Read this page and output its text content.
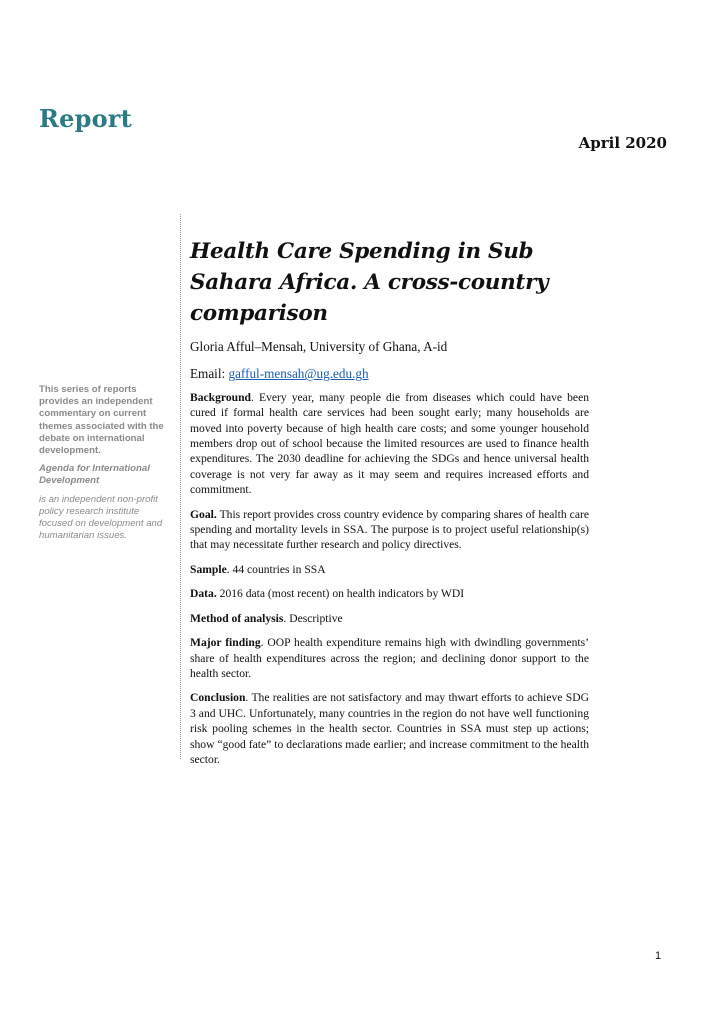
Report
April 2020

This series of reports provides an independent commentary on current themes associated with the debate on international development.

Agenda for International Development

is an independent non-profit policy research institute focused on development and humanitarian issues.

Health Care Spending in Sub Sahara Africa. A cross-country comparison

Gloria Afful–Mensah, University of Ghana, A-id

Email: gafful-mensah@ug.edu.gh

Background. Every year, many people die from diseases which could have been cured if formal health care services had been sought early; many households are moved into poverty because of high health care costs; and some younger household members drop out of school because the limited resources are used to finance health expenditures. The 2030 deadline for achieving the SDGs and hence universal health coverage is not very far away as it may seem and requires increased efforts and commitment.

Goal. This report provides cross country evidence by comparing shares of health care spending and mortality levels in SSA. The purpose is to project useful relationship(s) that may necessitate further research and policy directives.

Sample. 44 countries in SSA

Data. 2016 data (most recent) on health indicators by WDI

Method of analysis. Descriptive

Major finding. OOP health expenditure remains high with dwindling governments’ share of health expenditures across the region; and declining donor support to the health sector.

Conclusion. The realities are not satisfactory and may thwart efforts to achieve SDG 3 and UHC. Unfortunately, many countries in the region do not have well functioning risk pooling schemes in the health sector. Countries in SSA must step up actions; show “good fate” to declarations made earlier; and increase commitment to the health sector.

1
